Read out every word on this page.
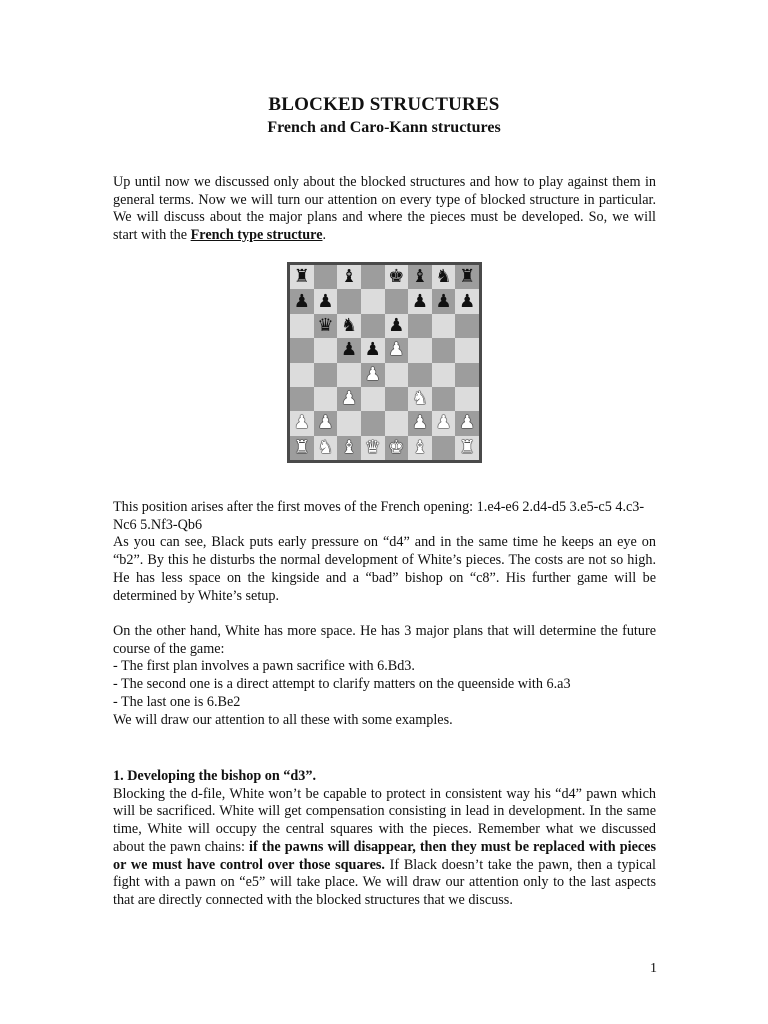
BLOCKED STRUCTURES
French and Caro-Kann structures
Up until now we discussed only about the blocked structures and how to play against them in general terms. Now we will turn our attention on every type of blocked structure in particular. We will discuss about the major plans and where the pieces must be developed. So, we will start with the French type structure.
♜ ♝ ♚ ♝ ♞ ♜
♟ ♟	♟ ♟ ♟
♛ ♞ ♟
♟ ♟ ♟
♟
♟	♞
♟ ♟	♟ ♟ ♟
♜ ♞ ♝ ♛ ♚ ♝ ♜
This position arises after the first moves of the French opening: 1.e4-e6 2.d4-d5 3.e5-c5 4.c3-Nc6 5.Nf3-Qb6
As you can see, Black puts early pressure on “d4” and in the same time he keeps an eye on “b2”. By this he disturbs the normal development of White’s pieces. The costs are not so high. He has less space on the kingside and a “bad” bishop on “c8”. His further game will be determined by White’s setup.
On the other hand, White has more space. He has 3 major plans that will determine the future course of the game:
- The first plan involves a pawn sacrifice with 6.Bd3.
- The second one is a direct attempt to clarify matters on the queenside with 6.a3
- The last one is 6.Be2
We will draw our attention to all these with some examples.
1. Developing the bishop on “d3”.
Blocking the d-file, White won’t be capable to protect in consistent way his “d4” pawn which will be sacrificed. White will get compensation consisting in lead in development. In the same time, White will occupy the central squares with the pieces. Remember what we discussed about the pawn chains: if the pawns will disappear, then they must be replaced with pieces or we must have control over those squares. If Black doesn’t take the pawn, then a typical fight with a pawn on “e5” will take place. We will draw our attention only to the last aspects that are directly connected with the blocked structures that we discuss.
1
